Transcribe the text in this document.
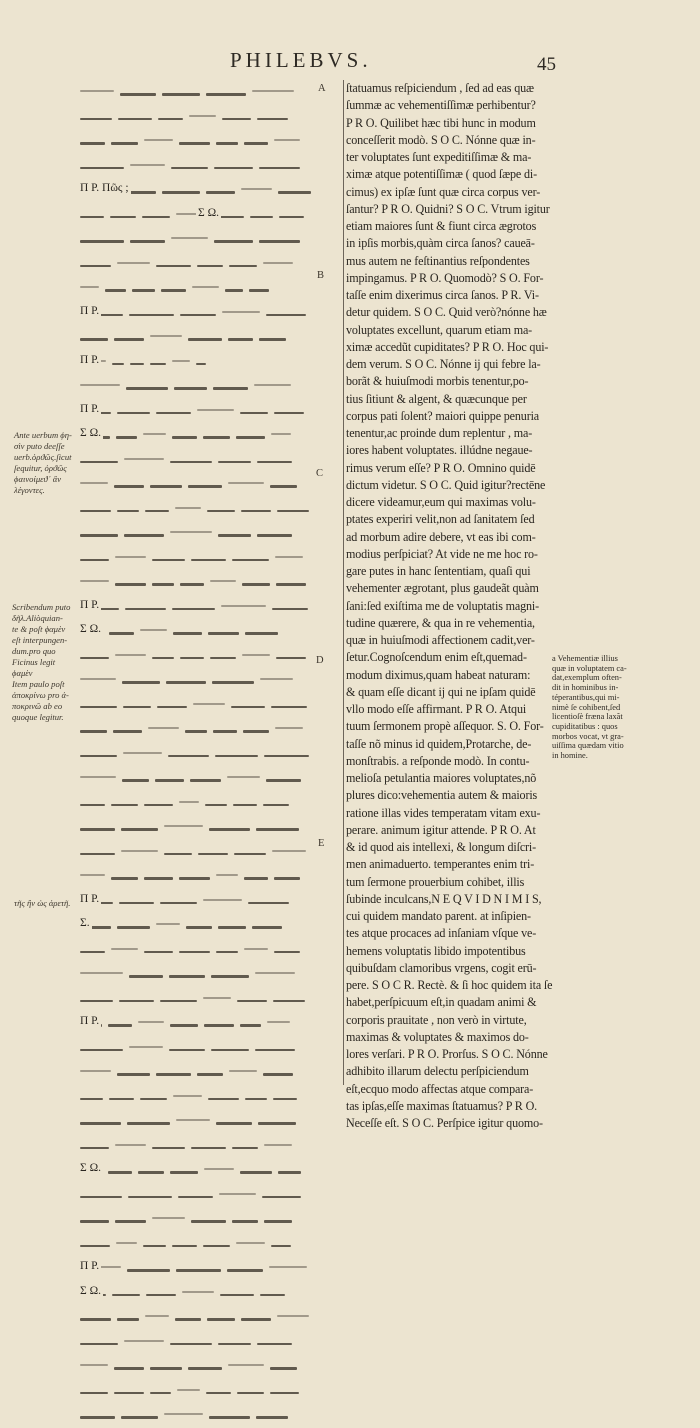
PHILEBVS.	45
Π Ρ. Πῶς ;
Σ Ω.
Π Ρ.
Π Ρ.
Π Ρ.
Σ Ω.
Π Ρ.
Σ Ω.
Π Ρ.
Σ.
Π Ρ.
Σ Ω.
Π Ρ.
Σ Ω.
A
B
C
D
E
Ante uerbum ϕη-
σὶν puto deeſſe
uerb.ὀρϑῶς.ſicut
ſequitur, ὀρϑῶς
ϕαινοίμεϑ᾽ ἂν
λέγοντες.
Scribendum puto
δῆλ.Aliòquian-
te & poſt ϕαμὲν
eſt interpungen-
dum.pro quo
Ficinus legit ϕαμὲν
Item paulo poſt
ἀποκρίνω pro ἀ-
ποκρινῶ ab eo
quoque legitur.
τῆς ἢν ὡς ἀρετῆ.
ſtatuamus reſpiciendum , ſed ad eas quæ
ſummæ ac vehementiſſimæ perhibentur?
P R O. Quilibet hæc tibi hunc in modum
conceſſerit modò. S O C. Nónne quæ in-
ter voluptates ſunt expeditiſſimæ & ma-
ximæ atque potentiſſimæ ( quod ſæpe di-
cimus) ex ipſæ ſunt quæ circa corpus ver-
ſantur? P R O. Quidni? S O C. Vtrum igitur
etiam maiores ſunt & fiunt circa ægrotos
in ipſis morbis,quàm circa ſanos? caueā-
mus autem ne feſtinantius reſpondentes
impingamus. P R O. Quomodò? S O. For-
taſſe enim dixerimus circa ſanos. P R. Vi-
detur quidem. S O C. Quid verò?nónne hæ
voluptates excellunt, quarum etiam ma-
ximæ accedũt cupiditates? P R O. Hoc qui-
dem verum. S O C. Nónne ij qui febre la-
borãt & huiuſmodi morbis tenentur,po-
tius ſitiunt & algent, & quæcunque per
corpus pati ſolent? maiori quippe penuria
tenentur,ac proinde dum replentur , ma-
iores habent voluptates. illúdne negaue-
rimus verum eſſe? P R O. Omnino quidē
dictum videtur. S O C. Quid igitur?rectēne
dicere videamur,eum qui maximas volu-
ptates experiri velit,non ad ſanitatem ſed
ad morbum adire debere, vt eas ibi com-
modius perſpiciat? At vide ne me hoc ro-
gare putes in hanc ſententiam, quaſi qui
vehementer ægrotant, plus gaudeãt quàm
ſani:ſed exiſtima me de voluptatis magni-
tudine quærere, & qua in re vehementia,
quæ in huiuſmodi affectionem cadit,ver-
ſetur.Cognoſcendum enim eſt,quemad-
modum diximus,quam habeat naturam:
& quam eſſe dicant ij qui ne ipſam quidē
vllo modo eſſe affirmant. P R O. Atqui
tuum ſermonem propè aſſequor. S. O. For-
taſſe nõ minus id quidem,Protarche, de-
monſtrabis. a reſponde modò. In contu-
melioſa petulantia maiores voluptates,nõ
plures dico:vehementia autem & maioris
ratione illas vides temperatam vitam exu-
perare. animum igitur attende. P R O. At
& id quod ais intellexi, & longum diſcri-
men animaduerto. temperantes enim tri-
tum ſermone prouerbium cohibet, illis
ſubinde inculcans,N E Q V I D N I M I S,
cui quidem mandato parent. at inſipien-
tes atque procaces ad inſaniam vſque ve-
hemens voluptatis libido impotentibus
quibuſdam clamoribus vrgens, cogit erū-
pere. S O C R. Rectè. & ſi hoc quidem ita ſe
habet,perſpicuum eſt,in quadam animi &
corporis prauitate , non verò in virtute,
maximas & voluptates & maximos do-
lores verſari. P R O. Prorſus. S O C. Nónne
adhibito illarum delectu perſpiciendum
eſt,ecquo modo affectas atque compara-
tas ipſas,eſſe maximas ſtatuamus? P R O.
Neceſſe eſt. S O C. Perſpice igitur quomo-
a Vehementiæ illius
quæ in voluptatem ca-
dat,exemplum often-
dit in hominibus in-
téperantibus,qui mi-
nimè ſe cohibent,ſed
licentioſè fræna laxãt
cupiditatibus : quos
morbos vocat, vt gra-
uiſſima quædam vitio
in homine.
